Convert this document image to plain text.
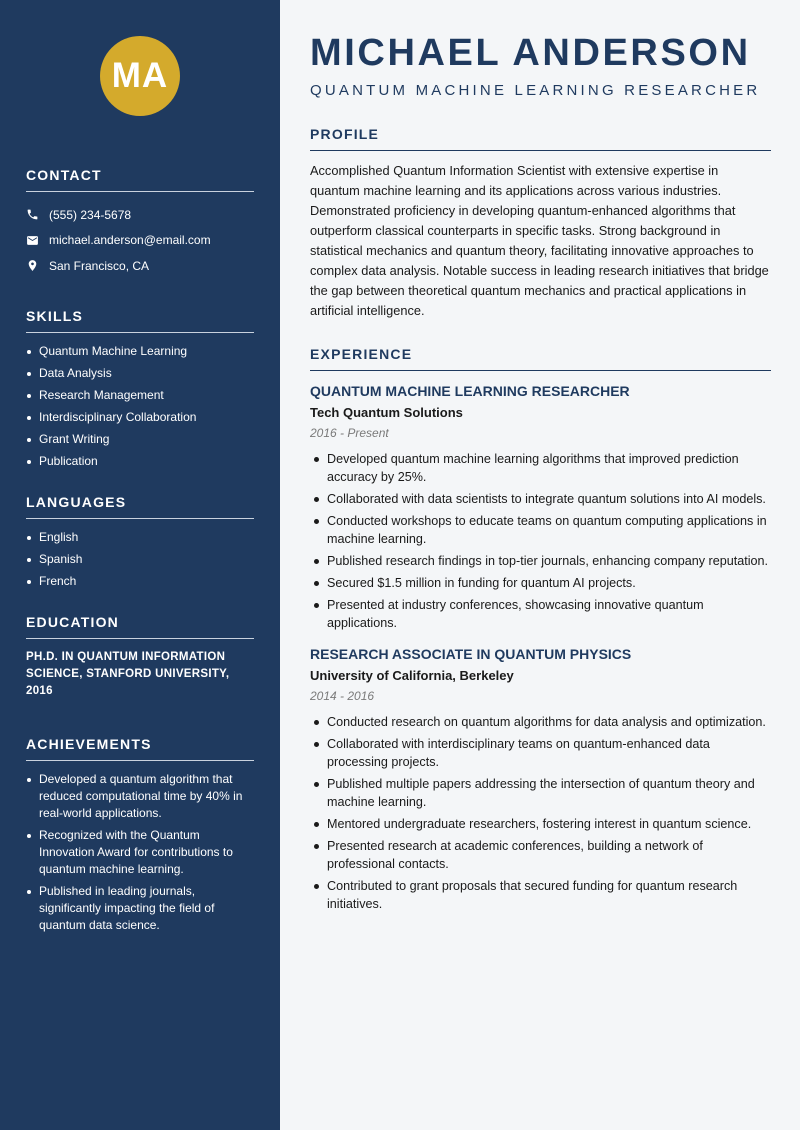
MA
CONTACT
(555) 234-5678
michael.anderson@email.com
San Francisco, CA
SKILLS
Quantum Machine Learning
Data Analysis
Research Management
Interdisciplinary Collaboration
Grant Writing
Publication
LANGUAGES
English
Spanish
French
EDUCATION
PH.D. IN QUANTUM INFORMATION SCIENCE, STANFORD UNIVERSITY, 2016
ACHIEVEMENTS
Developed a quantum algorithm that reduced computational time by 40% in real-world applications.
Recognized with the Quantum Innovation Award for contributions to quantum machine learning.
Published in leading journals, significantly impacting the field of quantum data science.
MICHAEL ANDERSON
QUANTUM MACHINE LEARNING RESEARCHER
PROFILE
Accomplished Quantum Information Scientist with extensive expertise in quantum machine learning and its applications across various industries. Demonstrated proficiency in developing quantum-enhanced algorithms that outperform classical counterparts in specific tasks. Strong background in statistical mechanics and quantum theory, facilitating innovative approaches to complex data analysis. Notable success in leading research initiatives that bridge the gap between theoretical quantum mechanics and practical applications in artificial intelligence.
EXPERIENCE
QUANTUM MACHINE LEARNING RESEARCHER
Tech Quantum Solutions
2016 - Present
Developed quantum machine learning algorithms that improved prediction accuracy by 25%.
Collaborated with data scientists to integrate quantum solutions into AI models.
Conducted workshops to educate teams on quantum computing applications in machine learning.
Published research findings in top-tier journals, enhancing company reputation.
Secured $1.5 million in funding for quantum AI projects.
Presented at industry conferences, showcasing innovative quantum applications.
RESEARCH ASSOCIATE IN QUANTUM PHYSICS
University of California, Berkeley
2014 - 2016
Conducted research on quantum algorithms for data analysis and optimization.
Collaborated with interdisciplinary teams on quantum-enhanced data processing projects.
Published multiple papers addressing the intersection of quantum theory and machine learning.
Mentored undergraduate researchers, fostering interest in quantum science.
Presented research at academic conferences, building a network of professional contacts.
Contributed to grant proposals that secured funding for quantum research initiatives.
